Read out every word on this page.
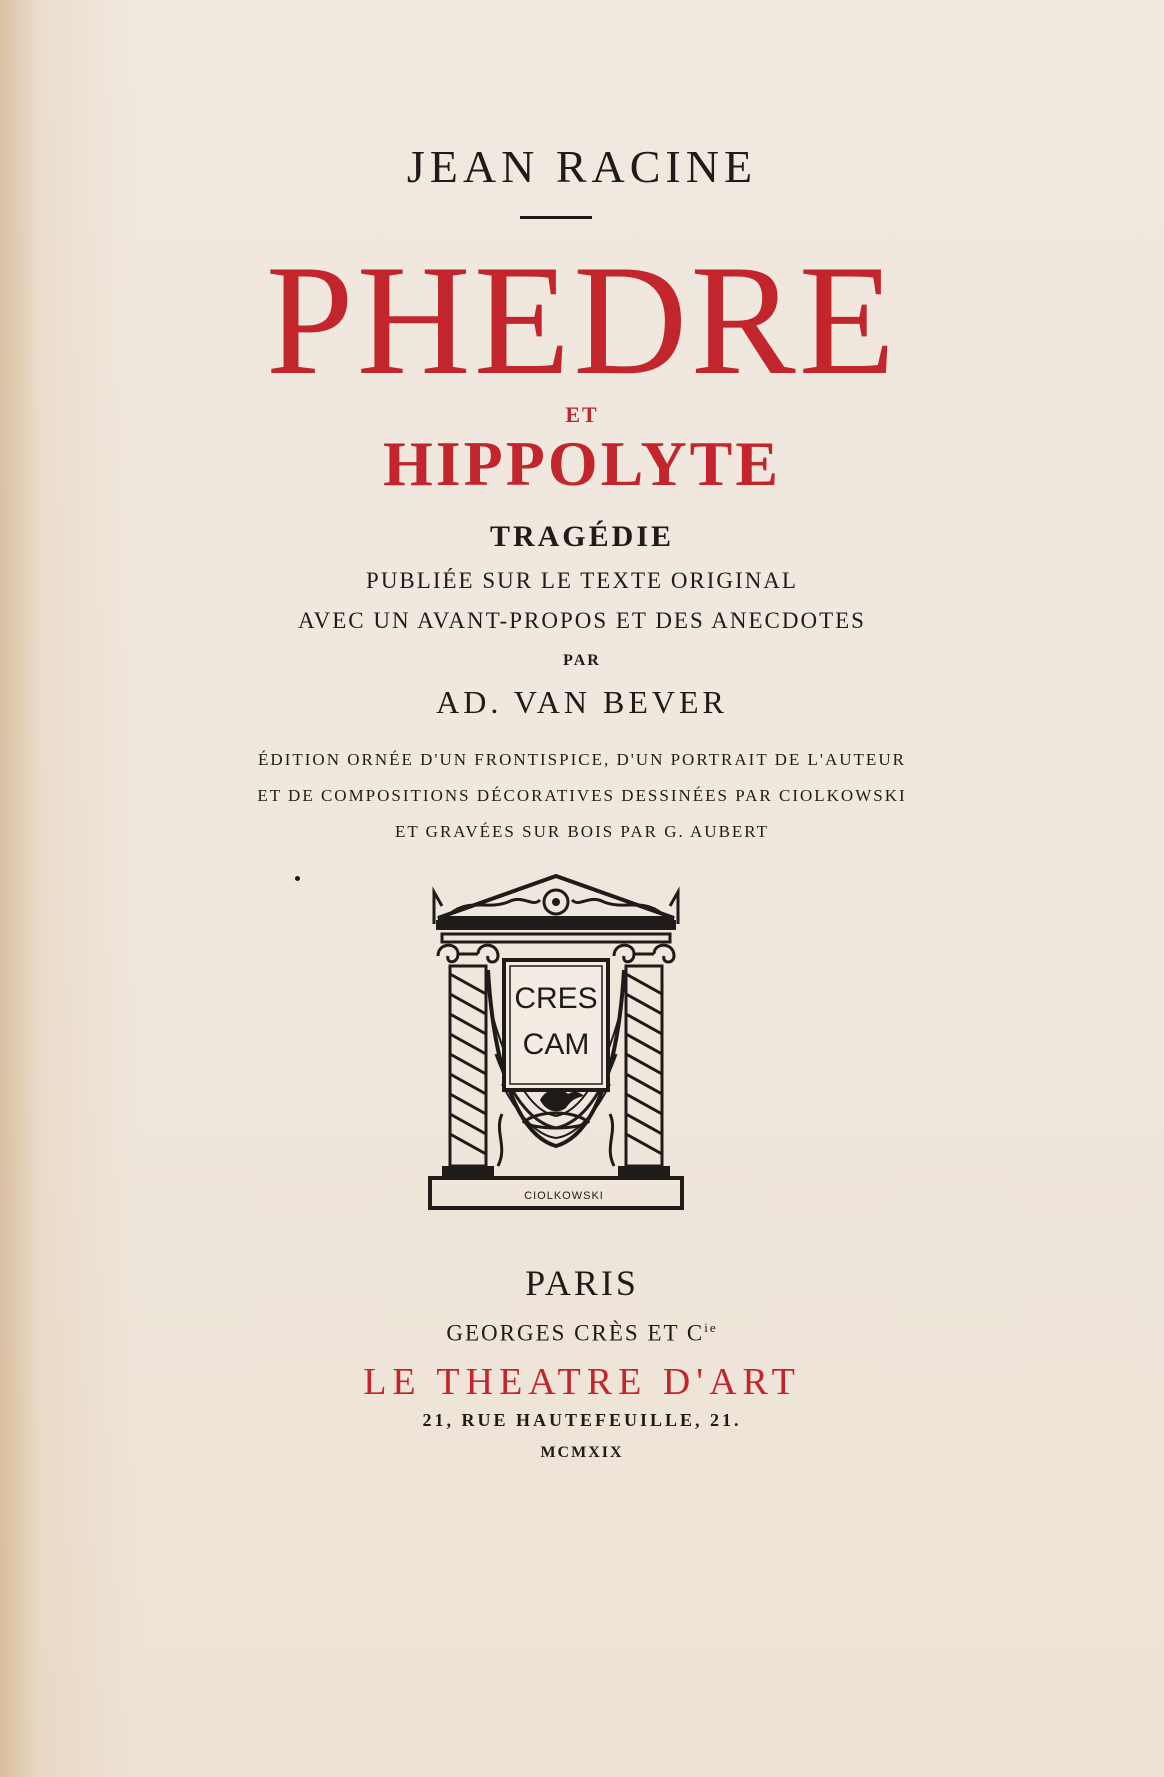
JEAN RACINE
PHEDRE
ET
HIPPOLYTE
TRAGÉDIE
PUBLIÉE SUR LE TEXTE ORIGINAL
AVEC UN AVANT-PROPOS ET DES ANECDOTES
PAR
AD. VAN BEVER
ÉDITION ORNÉE D'UN FRONTISPICE, D'UN PORTRAIT DE L'AUTEUR
ET DE COMPOSITIONS DÉCORATIVES DESSINÉES PAR CIOLKOWSKI
ET GRAVÉES SUR BOIS PAR G. AUBERT
CRES
CAM
CIOLKOWSKI
PARIS
GEORGES CRÈS ET $C^{ie}$
LE THEATRE D'ART
21, RUE HAUTEFEUILLE, 21.
MCMXIX
